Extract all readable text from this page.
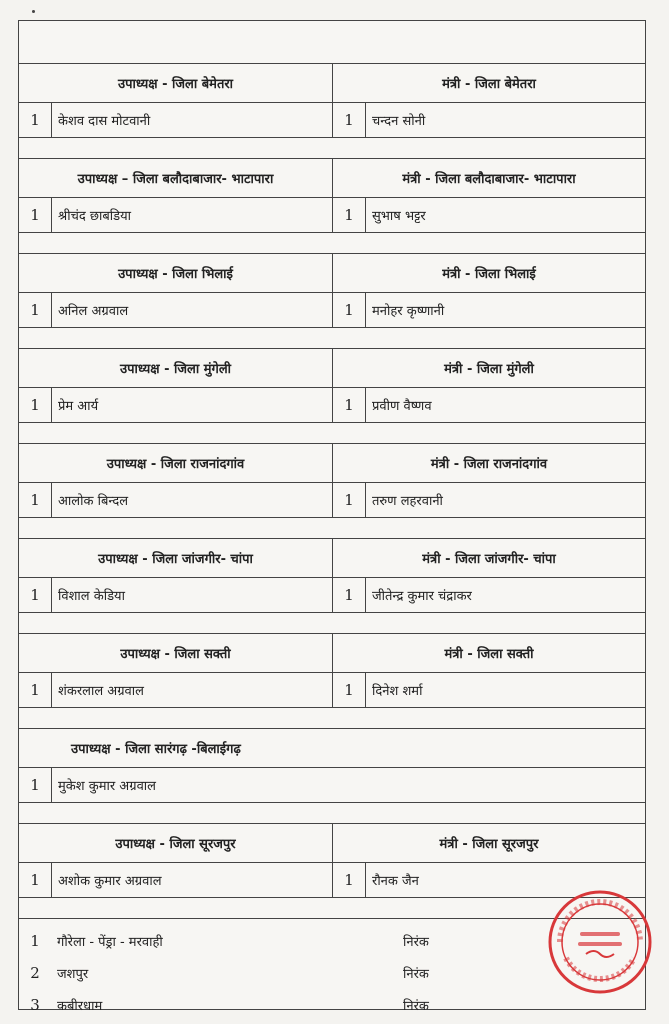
उपाध्यक्ष - जिला बेमेतरा	मंत्री - जिला बेमेतरा
1	केशव दास मोटवानी	1	चन्दन सोनी
उपाध्यक्ष – जिला बलौदाबाजार- भाटापारा	मंत्री - जिला बलौदाबाजार- भाटापारा
1	श्रीचंद छाबडिया	1	सुभाष भट्टर
उपाध्यक्ष - जिला भिलाई	मंत्री - जिला भिलाई
1	अनिल अग्रवाल	1	मनोहर कृष्णानी
उपाध्यक्ष - जिला मुंगेली	मंत्री - जिला मुंगेली
1	प्रेम आर्य	1	प्रवीण वैष्णव
उपाध्यक्ष - जिला राजनांदगांव	मंत्री - जिला राजनांदगांव
1	आलोक बिन्दल	1	तरुण लहरवानी
उपाध्यक्ष - जिला जांजगीर- चांपा	मंत्री - जिला जांजगीर- चांपा
1	विशाल केडिया	1	जीतेन्द्र कुमार चंद्राकर
उपाध्यक्ष - जिला सक्ती	मंत्री - जिला सक्ती
1	शंकरलाल अग्रवाल	1	दिनेश शर्मा
उपाध्यक्ष - जिला सारंगढ़ -बिलाईगढ़
1	मुकेश कुमार अग्रवाल
उपाध्यक्ष - जिला सूरजपुर	मंत्री - जिला सूरजपुर
1	अशोक कुमार अग्रवाल	1	रौनक जैन
1	गौरेला - पेंड्रा - मरवाही	निरंक
2	जशपुर	निरंक
3	कबीरधाम	निरंक
